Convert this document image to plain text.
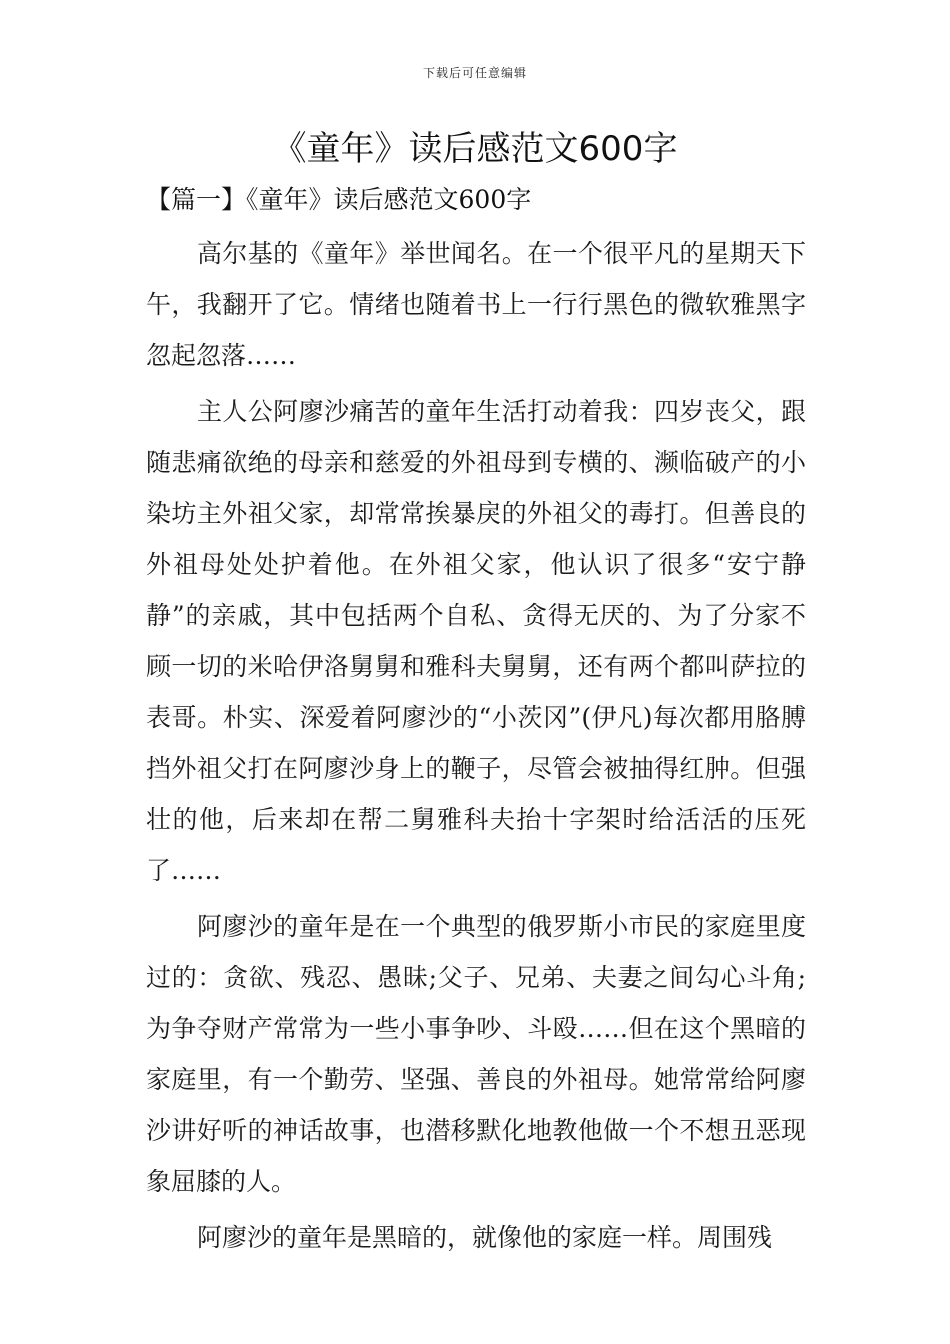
下载后可任意编辑
《童年》读后感范文600字
【篇一】《童年》读后感范文600字

高尔基的《童年》举世闻名。在一个很平凡的星期天下午，我翻开了它。情绪也随着书上一行行黑色的微软雅黑字忽起忽落……

主人公阿廖沙痛苦的童年生活打动着我：四岁丧父，跟随悲痛欲绝的母亲和慈爱的外祖母到专横的、濒临破产的小染坊主外祖父家，却常常挨暴戾的外祖父的毒打。但善良的外祖母处处护着他。在外祖父家，他认识了很多“安宁静静”的亲戚，其中包括两个自私、贪得无厌的、为了分家不顾一切的米哈伊洛舅舅和雅科夫舅舅，还有两个都叫萨拉的表哥。朴实、深爱着阿廖沙的“小茨冈”(伊凡)每次都用胳膊挡外祖父打在阿廖沙身上的鞭子，尽管会被抽得红肿。但强壮的他，后来却在帮二舅雅科夫抬十字架时给活活的压死了……

阿廖沙的童年是在一个典型的俄罗斯小市民的家庭里度过的：贪欲、残忍、愚昧;父子、兄弟、夫妻之间勾心斗角;为争夺财产常常为一些小事争吵、斗殴……但在这个黑暗的家庭里，有一个勤劳、坚强、善良的外祖母。她常常给阿廖沙讲好听的神话故事，也潜移默化地教他做一个不想丑恶现象屈膝的人。

阿廖沙的童年是黑暗的，就像他的家庭一样。周围残
